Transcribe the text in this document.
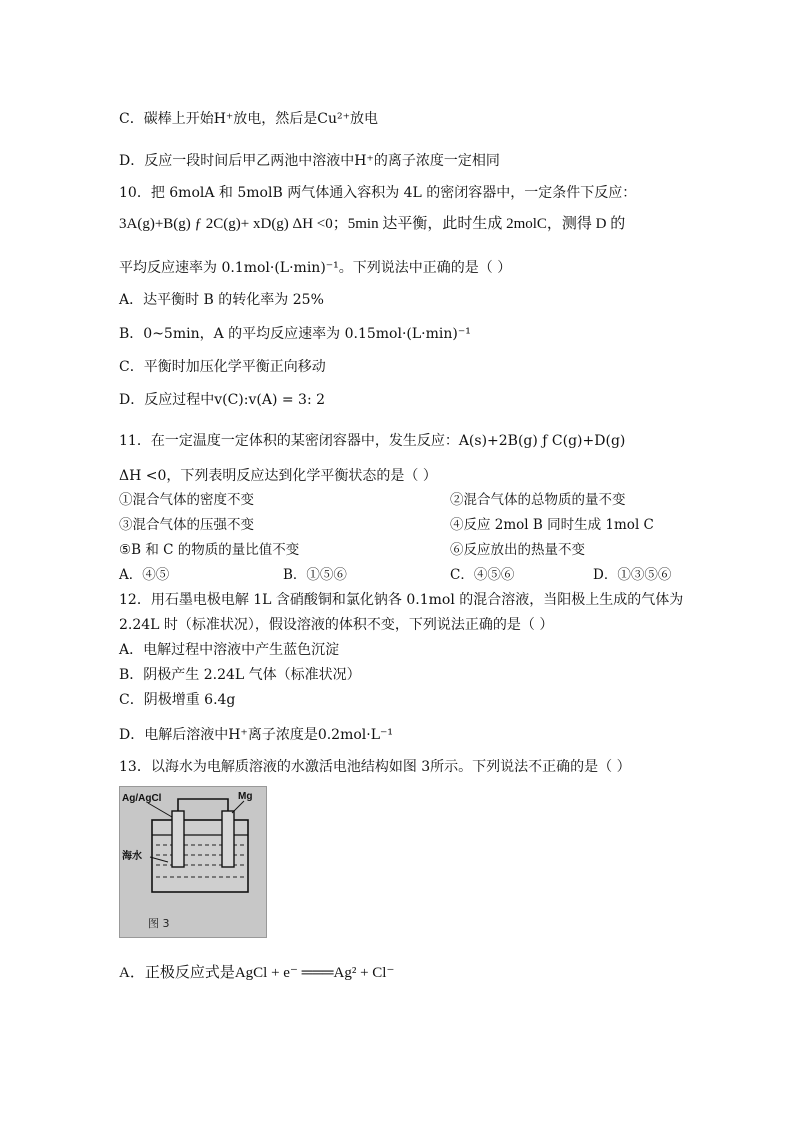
C．碳棒上开始H⁺放电，然后是Cu²⁺放电
D．反应一段时间后甲乙两池中溶液中H⁺的离子浓度一定相同
10．把 6molA 和 5molB 两气体通入容积为 4L 的密闭容器中，一定条件下反应：
3A(g)+B(g) ƒ 2C(g)+ xD(g) ΔH <0；5min 达平衡，此时生成 2molC，测得 D 的
平均反应速率为 0.1mol·(L·min)⁻¹。下列说法中正确的是（ ）
A．达平衡时 B 的转化率为 25%
B．0~5min，A 的平均反应速率为 0.15mol·(L·min)⁻¹
C．平衡时加压化学平衡正向移动
D．反应过程中v(C):v(A) = 3: 2
11．在一定温度一定体积的某密闭容器中，发生反应：A(s)+2B(g) ƒ C(g)+D(g)
ΔH <0，下列表明反应达到化学平衡状态的是（ ）
①混合气体的密度不变	②混合气体的总物质的量不变
③混合气体的压强不变	④反应 2mol B 同时生成 1mol C
⑤B 和 C 的物质的量比值不变	⑥反应放出的热量不变
A．④⑤	B．①⑤⑥	C．④⑤⑥	D．①③⑤⑥
12．用石墨电极电解 1L 含硝酸铜和氯化钠各 0.1mol 的混合溶液，当阳极上生成的气体为
2.24L 时（标准状况），假设溶液的体积不变，下列说法正确的是（ ）
A．电解过程中溶液中产生蓝色沉淀
B．阴极产生 2.24L 气体（标准状况）
C．阴极增重 6.4g
D．电解后溶液中H⁺离子浓度是0.2mol·L⁻¹
13．以海水为电解质溶液的水激活电池结构如图 3所示。下列说法不正确的是（ ）
Ag/AgCl	Mg
海水
图 3
A．正极反应式是AgCl + e⁻ ═══Ag² + Cl⁻
